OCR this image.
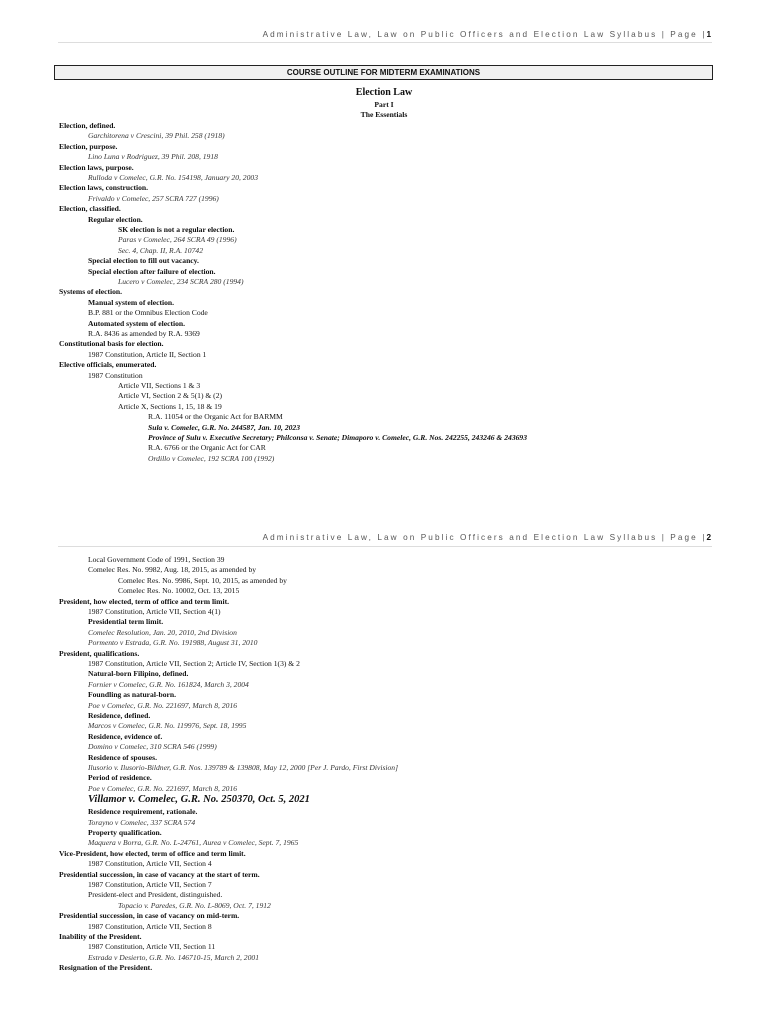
Administrative Law, Law on Public Officers and Election Law Syllabus | Page |1
COURSE OUTLINE FOR MIDTERM EXAMINATIONS
Election Law
Part I
The Essentials
Election, defined.
Garchitorena v Crescini, 39 Phil. 258 (1918)
Election, purpose.
Lino Luna v Rodriguez, 39 Phil. 208, 1918
Election laws, purpose.
Rulloda v Comelec, G.R. No. 154198, January 20, 2003
Election laws, construction.
Frivaldo v Comelec, 257 SCRA 727 (1996)
Election, classified.
Regular election.
SK election is not a regular election.
Paras v Comelec, 264 SCRA 49 (1996)
Sec. 4, Chap. II, R.A. 10742
Special election to fill out vacancy.
Special election after failure of election.
Lucero v Comelec, 234 SCRA 280 (1994)
Systems of election.
Manual system of election.
B.P. 881 or the Omnibus Election Code
Automated system of election.
R.A. 8436 as amended by R.A. 9369
Constitutional basis for election.
1987 Constitution, Article II, Section 1
Elective officials, enumerated.
1987 Constitution
Article VII, Sections 1 & 3
Article VI, Section 2 & 5(1) & (2)
Article X, Sections 1, 15, 18 & 19
R.A. 11054 or the Organic Act for BARMM
Sula v. Comelec, G.R. No. 244587, Jan. 10, 2023
Province of Sulu v. Executive Secretary; Philconsa v. Senate; Dimaporo v. Comelec, G.R. Nos. 242255, 243246 & 243693
R.A. 6766 or the Organic Act for CAR
Ordillo v Comelec, 192 SCRA 100 (1992)
Administrative Law, Law on Public Officers and Election Law Syllabus | Page |2
Local Government Code of 1991, Section 39
Comelec Res. No. 9982, Aug. 18, 2015, as amended by
Comelec Res. No. 9986, Sept. 10, 2015, as amended by
Comelec Res. No. 10002, Oct. 13, 2015
President, how elected, term of office and term limit.
1987 Constitution, Article VII, Section 4(1)
Presidential term limit.
Comelec Resolution, Jan. 20, 2010, 2nd Division
Pormento v Estrada, G.R. No. 191988, August 31, 2010
President, qualifications.
1987 Constitution, Article VII, Section 2; Article IV, Section 1(3) & 2
Natural-born Filipino, defined.
Fornier v Comelec, G.R. No. 161824, March 3, 2004
Foundling as natural-born.
Poe v Comelec, G.R. No. 221697, March 8, 2016
Residence, defined.
Marcos v Comelec, G.R. No. 119976, Sept. 18, 1995
Residence, evidence of.
Domino v Comelec, 310 SCRA 546 (1999)
Residence of spouses.
Ilusorio v. Ilusorio-Bildner, G.R. Nos. 139789 & 139808, May 12, 2000 [Per J. Pardo, First Division]
Period of residence.
Poe v Comelec, G.R. No. 221697, March 8, 2016
Villamor v. Comelec, G.R. No. 250370, Oct. 5, 2021
Residence requirement, rationale.
Torayno v Comelec, 337 SCRA 574
Property qualification.
Maquera v Borra, G.R. No. L-24761, Aurea v Comelec, Sept. 7, 1965
Vice-President, how elected, term of office and term limit.
1987 Constitution, Article VII, Section 4
Presidential succession, in case of vacancy at the start of term.
1987 Constitution, Article VII, Section 7
President-elect and President, distinguished.
Topacio v. Paredes, G.R. No. L-8069, Oct. 7, 1912
Presidential succession, in case of vacancy on mid-term.
1987 Constitution, Article VII, Section 8
Inability of the President.
1987 Constitution, Article VII, Section 11
Estrada v Desierto, G.R. No. 146710-15, March 2, 2001
Resignation of the President.
